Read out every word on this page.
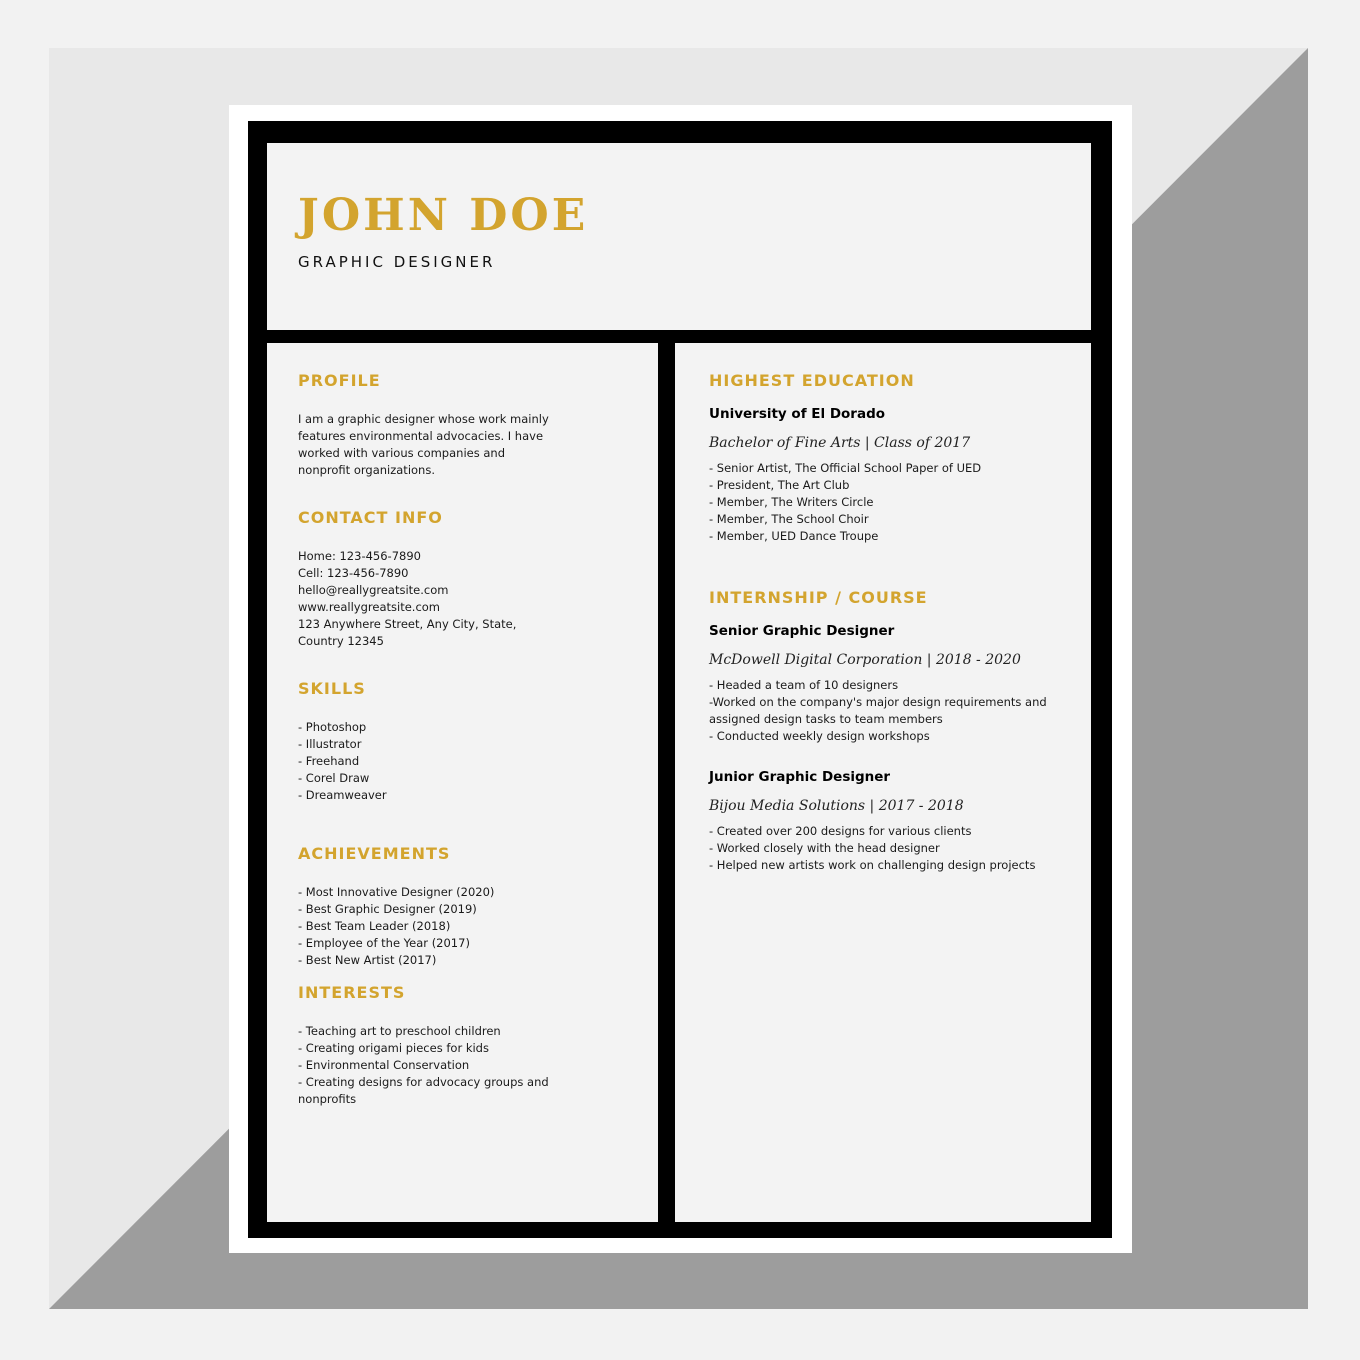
JOHN DOE
GRAPHIC DESIGNER
PROFILE

I am a graphic designer whose work mainly features environmental advocacies. I have worked with various companies and nonprofit organizations.

CONTACT INFO
Home: 123-456-7890
Cell: 123-456-7890
hello@reallygreatsite.com
www.reallygreatsite.com
123 Anywhere Street, Any City, State, Country 12345
SKILLS
- Photoshop
- Illustrator
- Freehand
- Corel Draw
- Dreamweaver
ACHIEVEMENTS
- Most Innovative Designer (2020)
- Best Graphic Designer (2019)
- Best Team Leader (2018)
- Employee of the Year (2017)
- Best New Artist (2017)
INTERESTS
- Teaching art to preschool children
- Creating origami pieces for kids
- Environmental Conservation
- Creating designs for advocacy groups and nonprofits
HIGHEST EDUCATION
University of El Dorado
Bachelor of Fine Arts | Class of 2017
- Senior Artist, The Official School Paper of UED
- President, The Art Club
- Member, The Writers Circle
- Member, The School Choir
- Member, UED Dance Troupe
INTERNSHIP / COURSE
Senior Graphic Designer
McDowell Digital Corporation | 2018 - 2020
- Headed a team of 10 designers
-Worked on the company's major design requirements and assigned design tasks to team members
- Conducted weekly design workshops
Junior Graphic Designer
Bijou Media Solutions | 2017 - 2018
- Created over 200 designs for various clients
- Worked closely with the head designer
- Helped new artists work on challenging design projects
